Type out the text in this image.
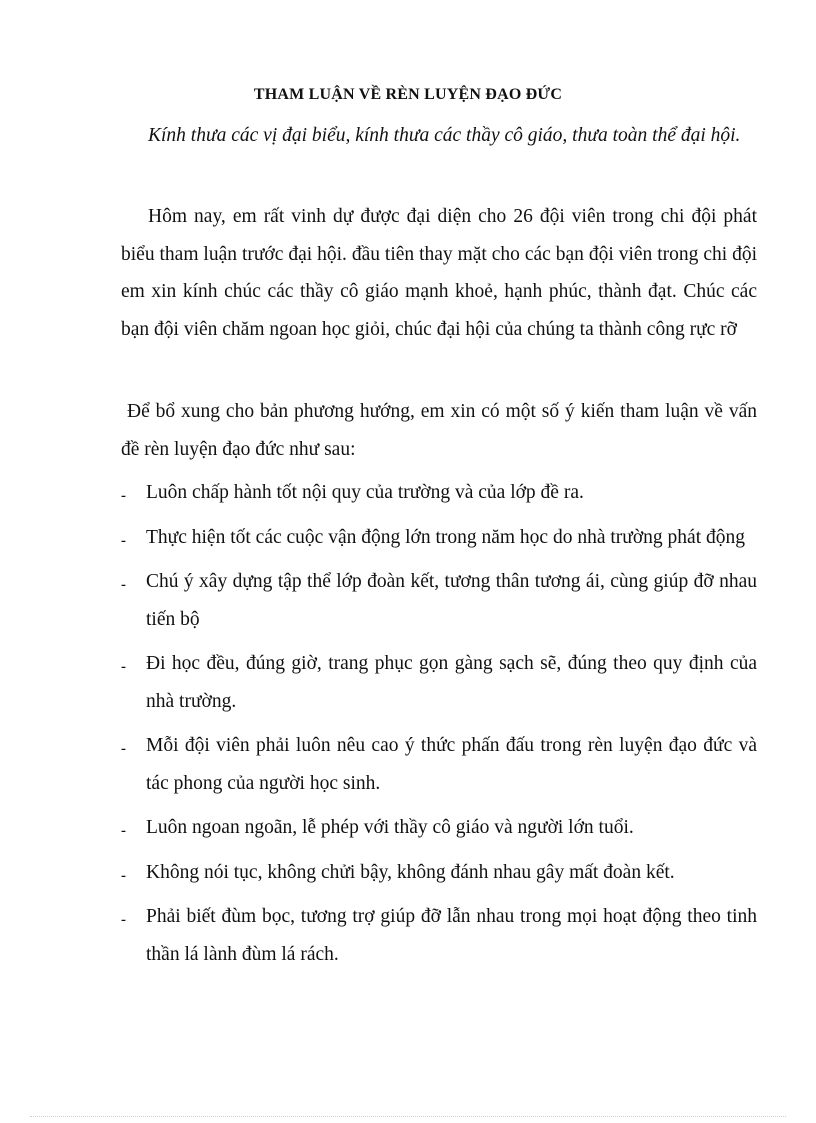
THAM LUẬN VỀ RÈN LUYỆN ĐẠO ĐỨC

Kính thưa các vị đại biểu, kính thưa các thầy cô giáo, thưa toàn thể đại hội.

Hôm nay, em rất vinh dự được đại diện cho 26 đội viên trong chi đội phát biểu tham luận trước đại hội. đầu tiên thay mặt cho các bạn đội viên trong chi đội em xin kính chúc các thầy cô giáo mạnh khoẻ, hạnh phúc, thành đạt. Chúc các bạn đội viên chăm ngoan học giỏi, chúc đại hội của chúng ta thành công rực rỡ

Để bổ xung cho bản phương hướng, em xin có một số ý kiến tham luận về vấn đề rèn luyện đạo đức như sau:

-	Luôn chấp hành tốt nội quy của trường và của lớp đề ra.
-	Thực hiện tốt các cuộc vận động lớn trong năm học do nhà trường phát động
-	Chú ý xây dựng tập thể lớp đoàn kết, tương thân tương ái, cùng giúp đỡ nhau tiến bộ
-	Đi học đều, đúng giờ, trang phục gọn gàng sạch sẽ, đúng theo quy định của nhà trường.
-	Mỗi đội viên phải luôn nêu cao ý thức phấn đấu trong rèn luyện đạo đức và tác phong của người học sinh.
-	Luôn ngoan ngoãn, lễ phép với thầy cô giáo và người lớn tuổi.
-	Không nói tục, không chửi bậy, không đánh nhau gây mất đoàn kết.
-	Phải biết đùm bọc, tương trợ giúp đỡ lẫn nhau trong mọi hoạt động theo tinh thần lá lành đùm lá rách.
